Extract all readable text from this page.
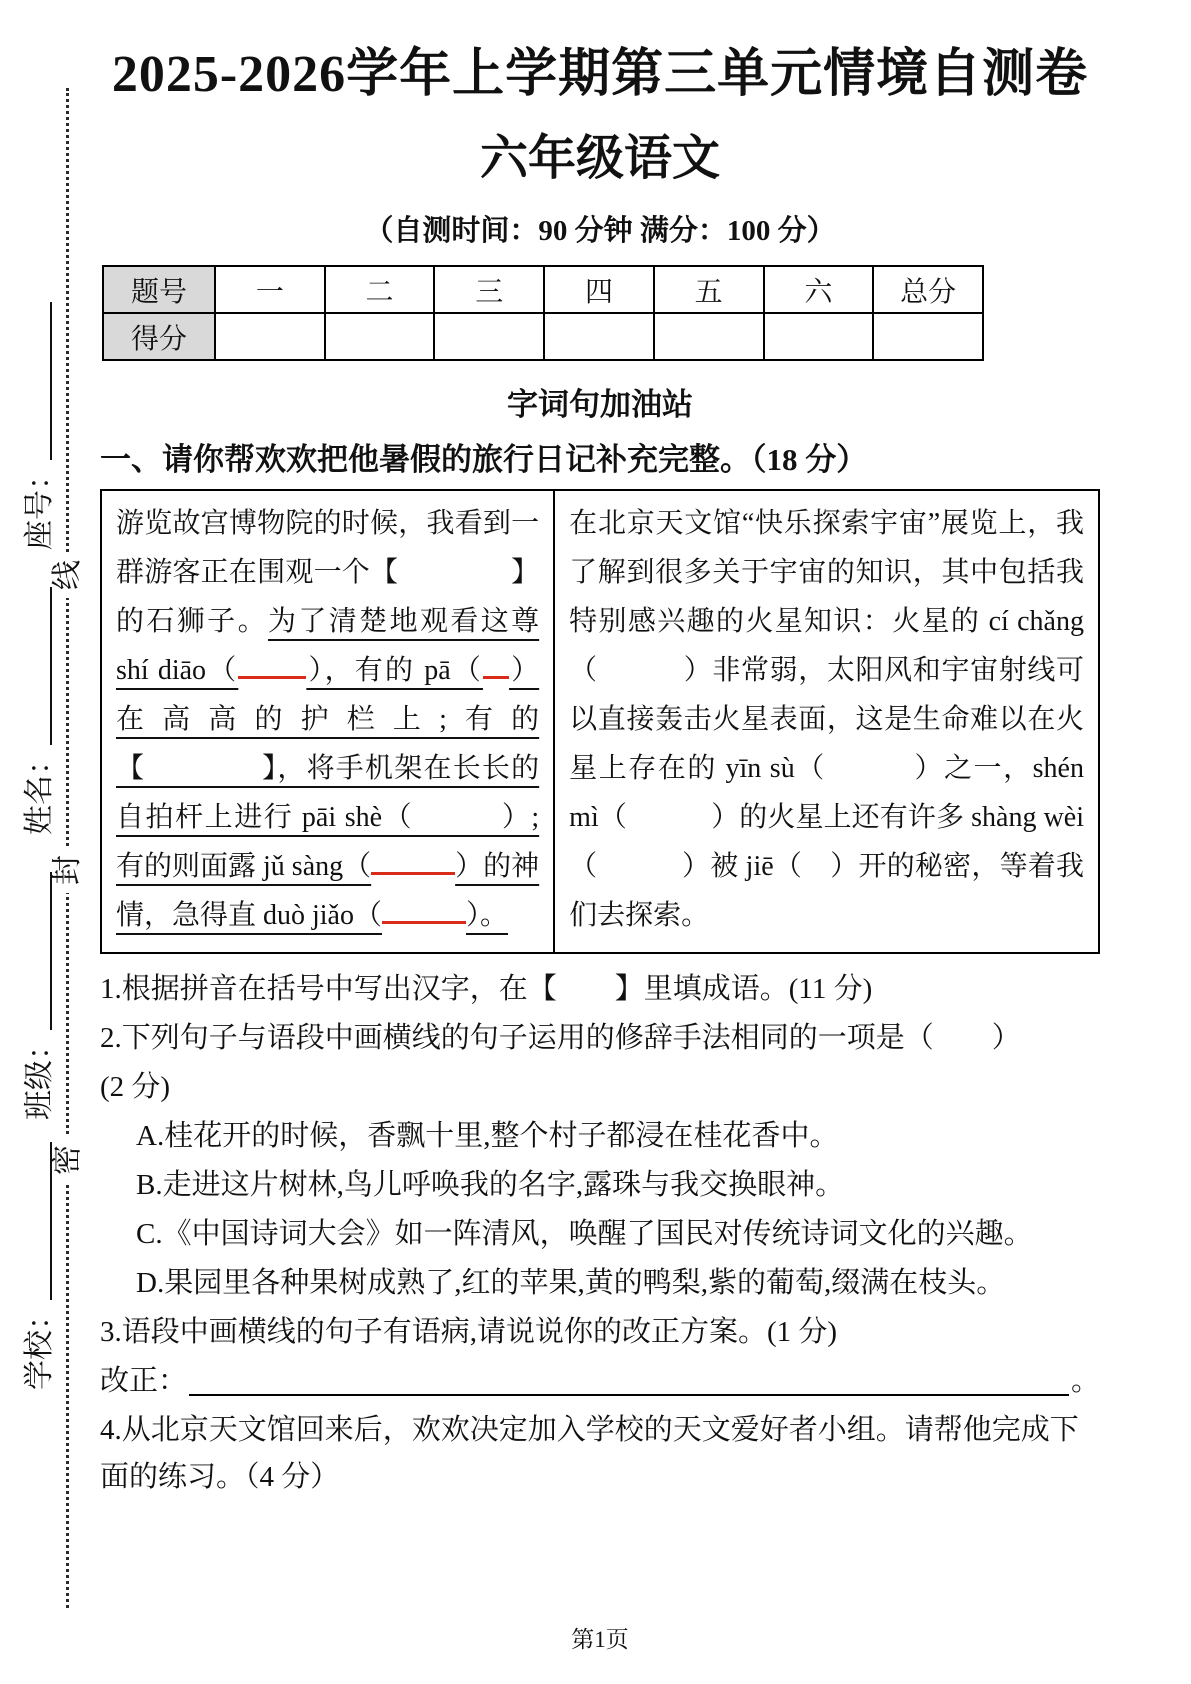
线
封
密
座号：
姓名：
班级：
学校：
2025-2026学年上学期第三单元情境自测卷
六年级语文
（自测时间：90 分钟 满分：100 分）
题号	一	二	三	四	五	六	总分
得分							
字词句加油站
一、请你帮欢欢把他暑假的旅行日记补充完整。（18 分）

游览故宫博物院的时候，我看到一群游客正在围观一个【　　　　】的石狮子。为了清楚地观看这尊 shí diāo（ ），有的 pā（ ）在高高的护栏上;有的【　　　　】，将手机架在长长的自拍杆上进行 pāi shè（　　　）;有的则面露 jǔ sàng（	）的神情，急得直 duò jiǎo（	）。

在北京天文馆“快乐探索宇宙”展览上，我了解到很多关于宇宙的知识，其中包括我特别感兴趣的火星知识：火星的 cí chǎng （　　　）非常弱，太阳风和宇宙射线可以直接轰击火星表面，这是生命难以在火星上存在的 yīn sù（　　　）之一，shén mì（　　　）的火星上还有许多 shàng wèi（　　　）被 jiē（　）开的秘密，等着我们去探索。

1.根据拼音在括号中写出汉字，在【　　】里填成语。(11 分)
2.下列句子与语段中画横线的句子运用的修辞手法相同的一项是（　　）
(2 分)
A.桂花开的时候，香飘十里,整个村子都浸在桂花香中。
B.走进这片树林,鸟儿呼唤我的名字,露珠与我交换眼神。
C.《中国诗词大会》如一阵清风，唤醒了国民对传统诗词文化的兴趣。
D.果园里各种果树成熟了,红的苹果,黄的鸭梨,紫的葡萄,缀满在枝头。
3.语段中画横线的句子有语病,请说说你的改正方案。(1 分)
改正：	。
4.从北京天文馆回来后，欢欢决定加入学校的天文爱好者小组。请帮他完成下面的练习。（4 分）
第1页
